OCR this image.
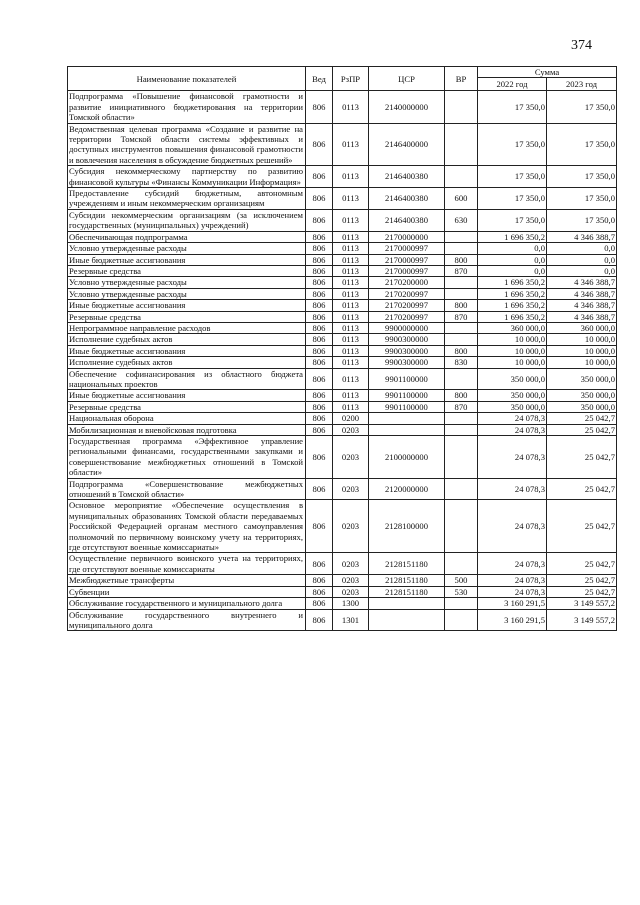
374
Наименование показателей	Вед	РзПР	ЦСР	ВР	Сумма	
					2022 год	2023 год
Подпрограмма «Повышение финансовой грамотности и развитие инициативного бюджетирования на территории Томской области»	806	0113	2140000000		17 350,0	17 350,0
Ведомственная целевая программа «Создание и развитие на территории Томской области системы эффективных и доступных инструментов повышения финансовой грамотности и вовлечения населения в обсуждение бюджетных решений»	806	0113	2146400000		17 350,0	17 350,0
Субсидия некоммерческому партнерству по развитию финансовой культуры «Финансы Коммуникации Информация»	806	0113	2146400380		17 350,0	17 350,0
Предоставление субсидий бюджетным, автономным учреждениям и иным некоммерческим организациям	806	0113	2146400380	600	17 350,0	17 350,0
Субсидии некоммерческим организациям (за исключением государственных (муниципальных) учреждений)	806	0113	2146400380	630	17 350,0	17 350,0
Обеспечивающая подпрограмма	806	0113	2170000000		1 696 350,2	4 346 388,7
Условно утвержденные расходы	806	0113	2170000997		0,0	0,0
Иные бюджетные ассигнования	806	0113	2170000997	800	0,0	0,0
Резервные средства	806	0113	2170000997	870	0,0	0,0
Условно утвержденные расходы	806	0113	2170200000		1 696 350,2	4 346 388,7
Условно утвержденные расходы	806	0113	2170200997		1 696 350,2	4 346 388,7
Иные бюджетные ассигнования	806	0113	2170200997	800	1 696 350,2	4 346 388,7
Резервные средства	806	0113	2170200997	870	1 696 350,2	4 346 388,7
Непрограммное направление расходов	806	0113	9900000000		360 000,0	360 000,0
Исполнение судебных актов	806	0113	9900300000		10 000,0	10 000,0
Иные бюджетные ассигнования	806	0113	9900300000	800	10 000,0	10 000,0
Исполнение судебных актов	806	0113	9900300000	830	10 000,0	10 000,0
Обеспечение софинансирования из областного бюджета национальных проектов	806	0113	9901100000		350 000,0	350 000,0
Иные бюджетные ассигнования	806	0113	9901100000	800	350 000,0	350 000,0
Резервные средства	806	0113	9901100000	870	350 000,0	350 000,0
Национальная оборона	806	0200			24 078,3	25 042,7
Мобилизационная и вневойсковая подготовка	806	0203			24 078,3	25 042,7
Государственная программа «Эффективное управление региональными финансами, государственными закупками и совершенствование межбюджетных отношений в Томской области»	806	0203	2100000000		24 078,3	25 042,7
Подпрограмма «Совершенствование межбюджетных отношений в Томской области»	806	0203	2120000000		24 078,3	25 042,7
Основное мероприятие «Обеспечение осуществления в муниципальных образованиях Томской области передаваемых Российской Федерацией органам местного самоуправления полномочий по первичному воинскому учету на территориях, где отсутствуют военные комиссариаты»	806	0203	2128100000		24 078,3	25 042,7
Осуществление первичного воинского учета на территориях, где отсутствуют военные комиссариаты	806	0203	2128151180		24 078,3	25 042,7
Межбюджетные трансферты	806	0203	2128151180	500	24 078,3	25 042,7
Субвенции	806	0203	2128151180	530	24 078,3	25 042,7
Обслуживание государственного и муниципального долга	806	1300			3 160 291,5	3 149 557,2
Обслуживание государственного внутреннего и муниципального долга	806	1301			3 160 291,5	3 149 557,2
